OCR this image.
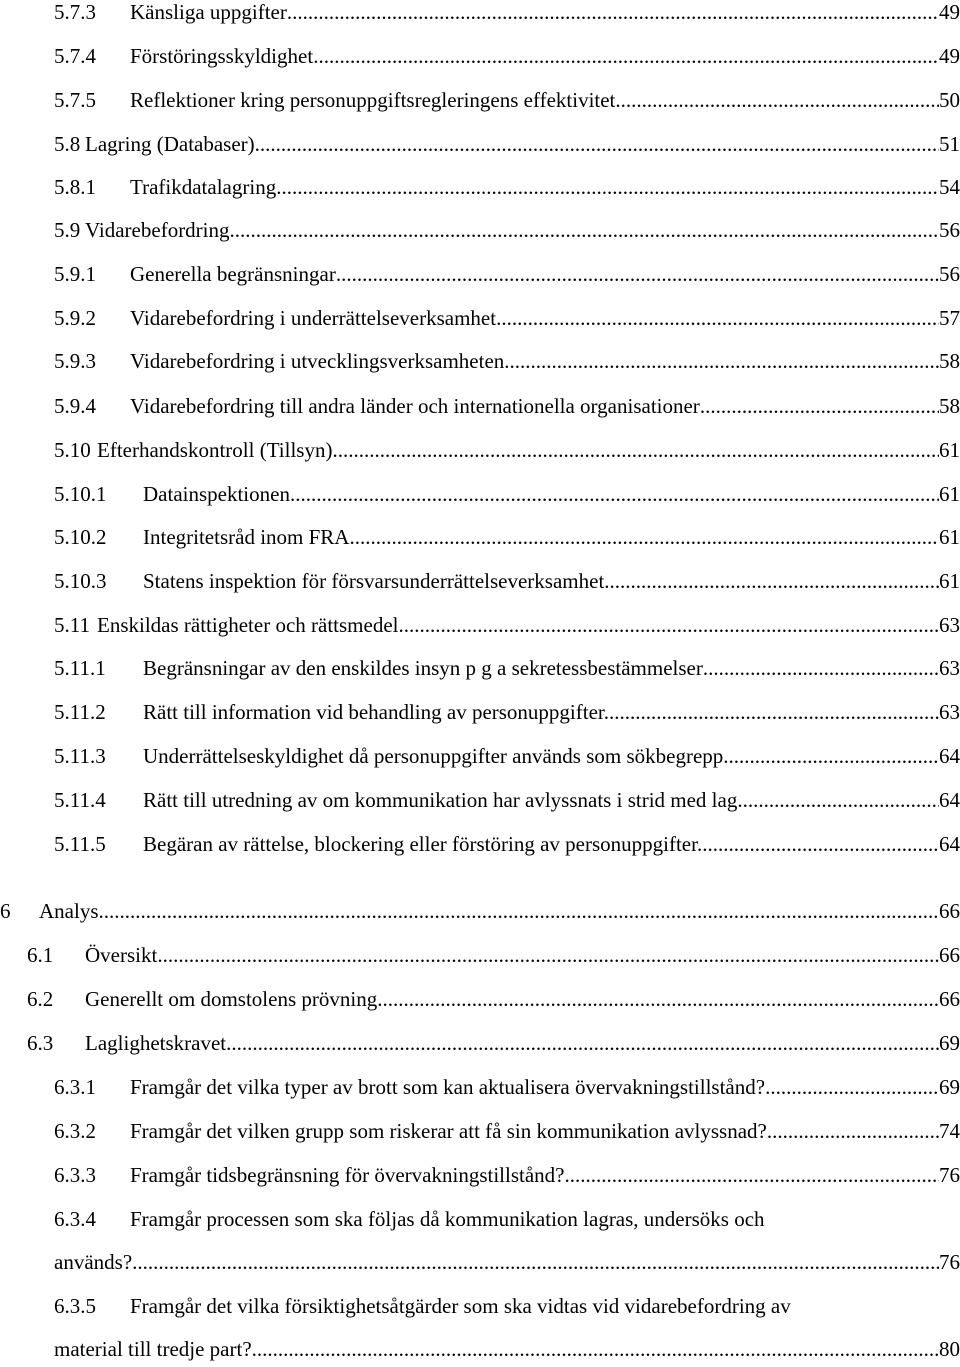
5.7.3 Känsliga uppgifter .....	49
5.7.4 Förstöringsskyldighet .....	49
5.7.5 Reflektioner kring personuppgiftsregleringens effektivitet. .....	50
5.8 Lagring (Databaser) .....	51
5.8.1 Trafikdatalagring .....	54
5.9 Vidarebefordring .....	56
5.9.1 Generella begränsningar .....	56
5.9.2 Vidarebefordring i underrättelseverksamhet .....	57
5.9.3 Vidarebefordring i utvecklingsverksamheten .....	58
5.9.4 Vidarebefordring till andra länder och internationella organisationer .....	58
5.10 Efterhandskontroll (Tillsyn) .....	61
5.10.1 Datainspektionen .....	61
5.10.2 Integritetsråd inom FRA .....	61
5.10.3 Statens inspektion för försvarsunderrättelseverksamhet .....	61
5.11 Enskildas rättigheter och rättsmedel .....	63
5.11.1 Begränsningar av den enskildes insyn p g a sekretessbestämmelser .....	63
5.11.2 Rätt till information vid behandling av personuppgifter. .....	63
5.11.3 Underrättelseskyldighet då personuppgifter används som sökbegrepp .....	64
5.11.4 Rätt till utredning av om kommunikation har avlyssnats i strid med lag .....	64
5.11.5 Begäran av rättelse, blockering eller förstöring av personuppgifter. .....	64
6 Analys .....	66
6.1 Översikt .....	66
6.2 Generellt om domstolens prövning. .....	66
6.3 Laglighetskravet .....	69
6.3.1 Framgår det vilka typer av brott som kan aktualisera övervakningstillstånd? .....	69
6.3.2 Framgår det vilken grupp som riskerar att få sin kommunikation avlyssnad? .....	74
6.3.3 Framgår tidsbegränsning för övervakningstillstånd? .....	76
6.3.4 Framgår processen som ska följas då kommunikation lagras, undersöks och
används? .....	76
6.3.5 Framgår det vilka försiktighetsåtgärder som ska vidtas vid vidarebefordring av
material till tredje part? .....	80
